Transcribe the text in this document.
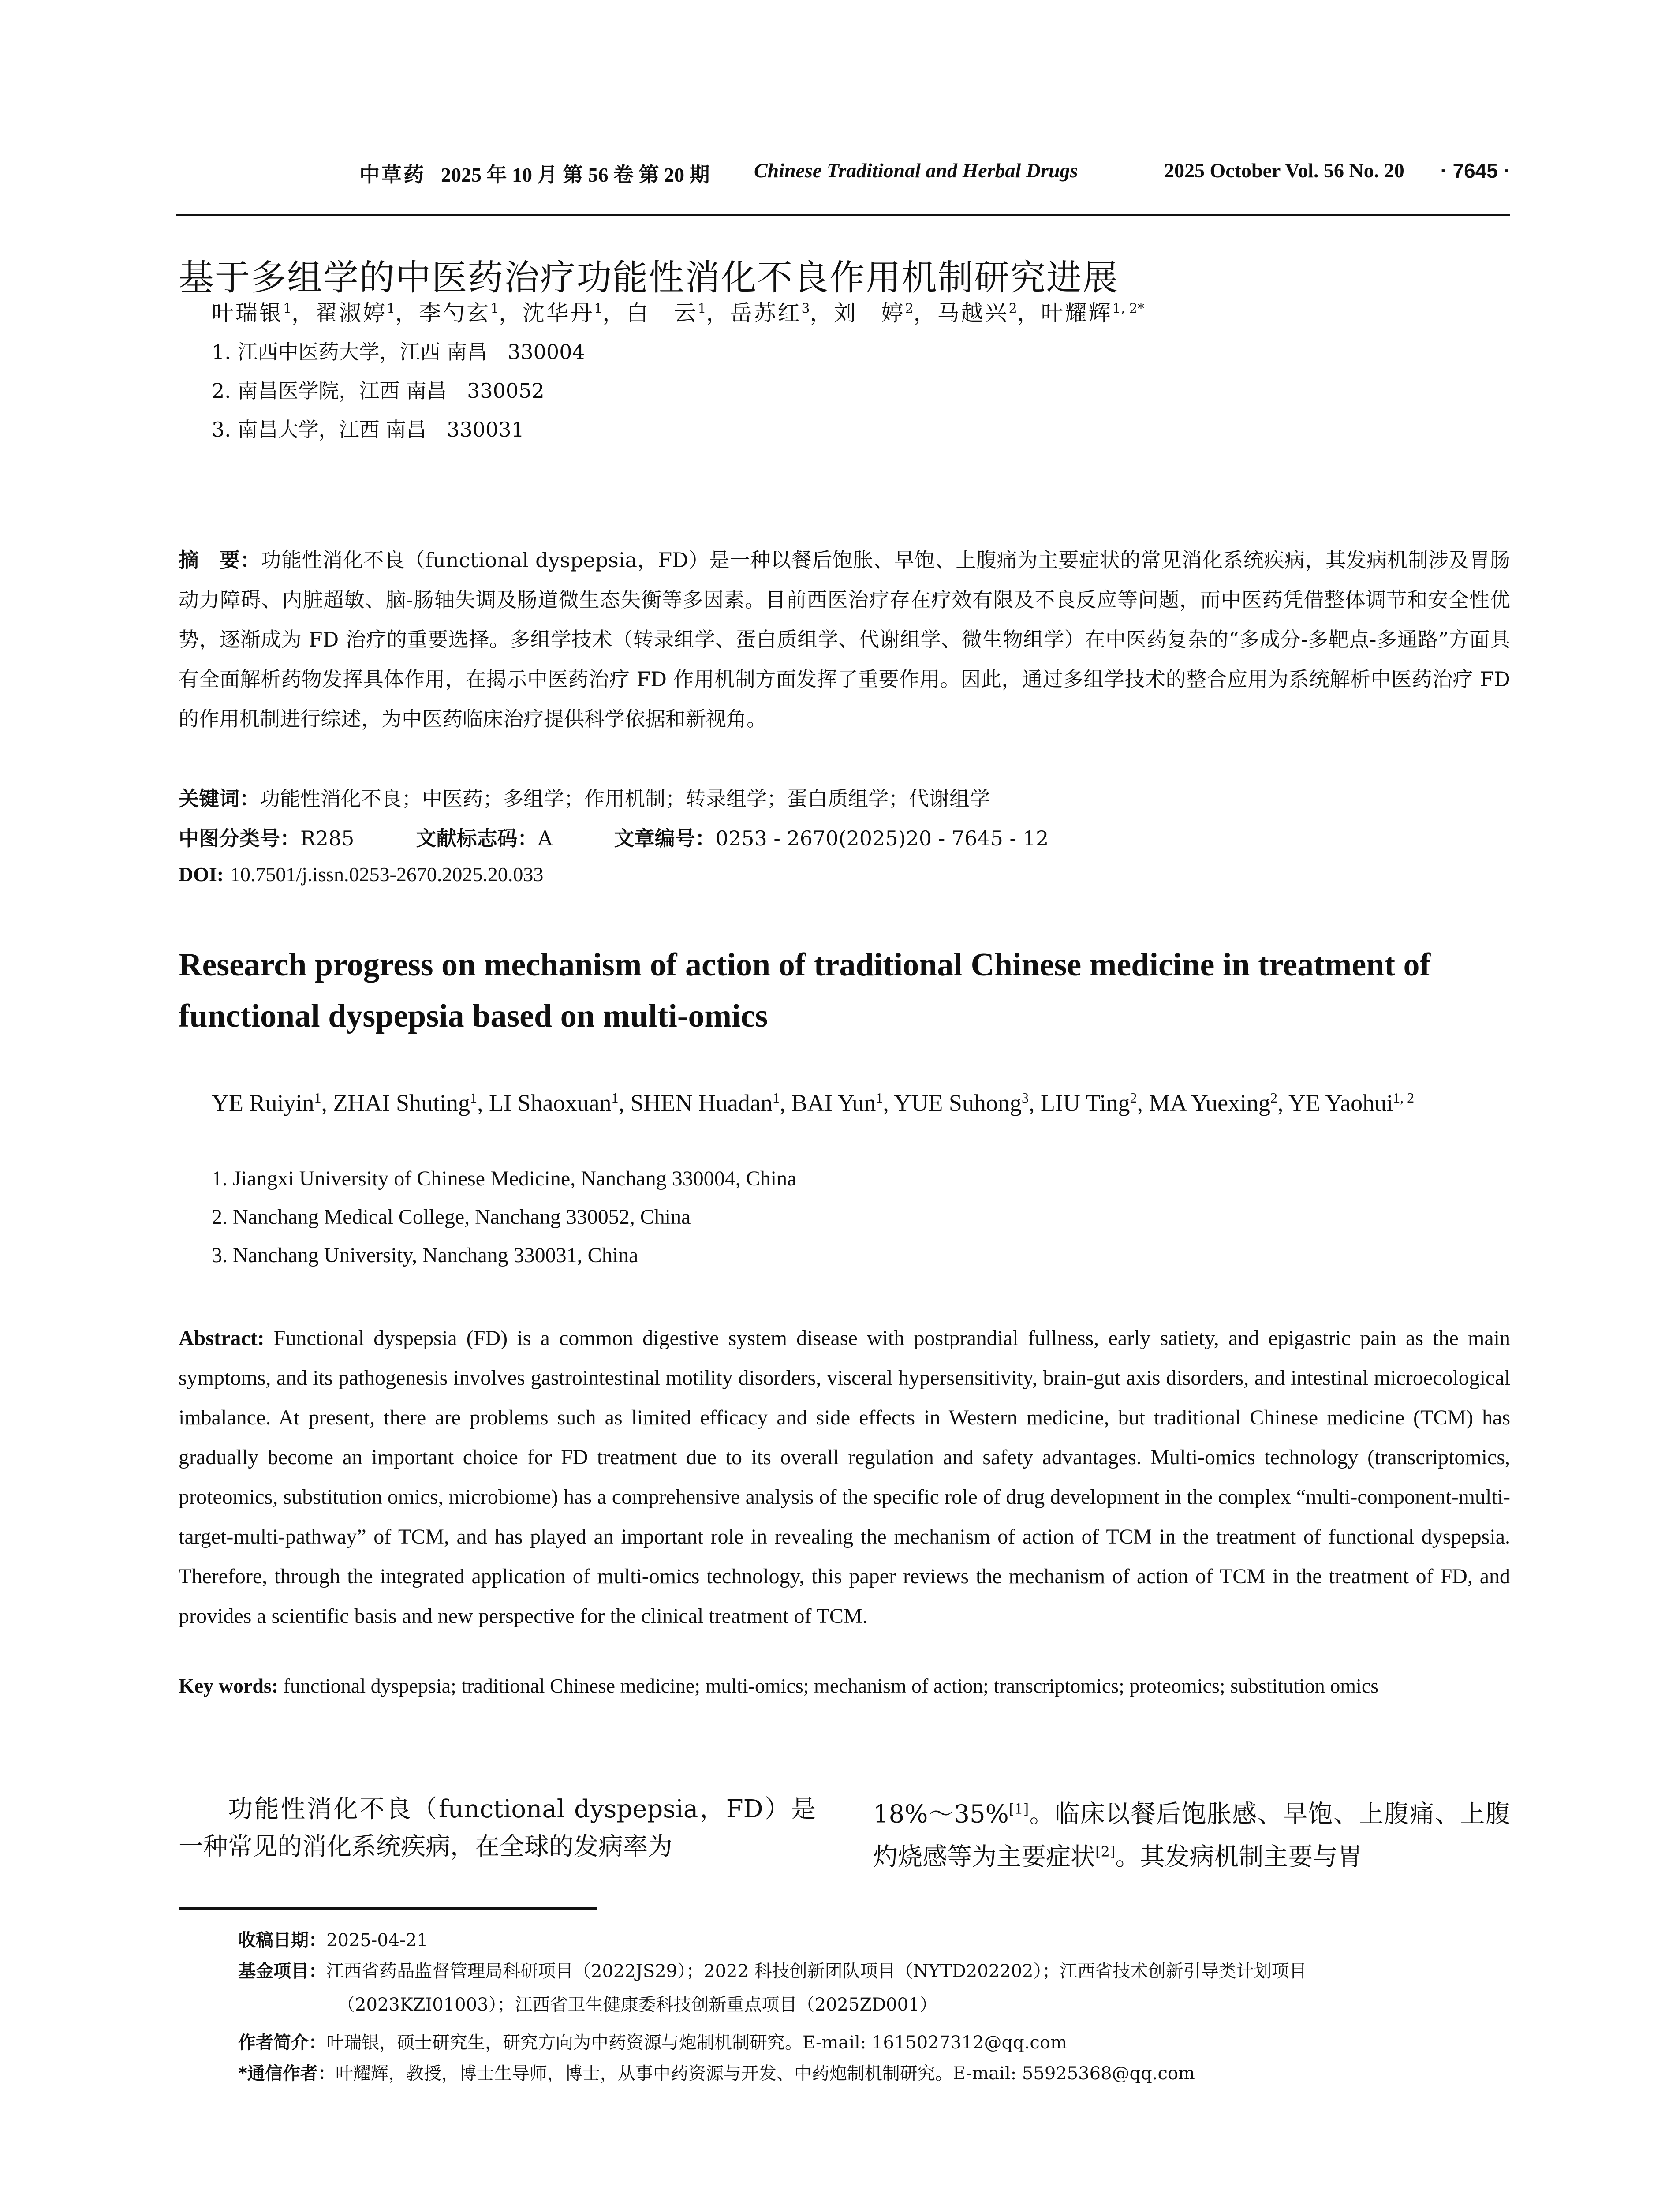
中草药 2025 年 10 月 第 56 卷 第 20 期 Chinese Traditional and Herbal Drugs	2025 October Vol. 56 No. 20 · 7645 ·
基于多组学的中医药治疗功能性消化不良作用机制研究进展
叶瑞银$^1$，翟淑婷$^1$，李勺玄$^1$，沈华丹$^1$，白　云$^1$，岳苏红$^3$，刘　婷$^2$，马越兴$^2$，叶耀辉$^{1, 2*}$
1. 江西中医药大学，江西 南昌　330004
2. 南昌医学院，江西 南昌　330052
3. 南昌大学，江西 南昌　330031
摘　要：功能性消化不良（functional dyspepsia，FD）是一种以餐后饱胀、早饱、上腹痛为主要症状的常见消化系统疾病，其发病机制涉及胃肠动力障碍、内脏超敏、脑-肠轴失调及肠道微生态失衡等多因素。目前西医治疗存在疗效有限及不良反应等问题，而中医药凭借整体调节和安全性优势，逐渐成为 FD 治疗的重要选择。多组学技术（转录组学、蛋白质组学、代谢组学、微生物组学）在中医药复杂的“多成分-多靶点-多通路”方面具有全面解析药物发挥具体作用，在揭示中医药治疗 FD 作用机制方面发挥了重要作用。因此，通过多组学技术的整合应用为系统解析中医药治疗 FD 的作用机制进行综述，为中医药临床治疗提供科学依据和新视角。
关键词：功能性消化不良；中医药；多组学；作用机制；转录组学；蛋白质组学；代谢组学
中图分类号：R285	文献标志码：A	文章编号：0253 - 2670(2025)20 - 7645 - 12
DOI: 10.7501/j.issn.0253-2670.2025.20.033
Research progress on mechanism of action of traditional Chinese medicine in treatment of functional dyspepsia based on multi-omics
YE Ruiyin$^1$, ZHAI Shuting$^1$, LI Shaoxuan$^1$, SHEN Huadan$^1$, BAI Yun$^1$, YUE Suhong$^3$, LIU Ting$^2$, MA Yuexing$^2$, YE Yaohui$^{1, 2}$
1. Jiangxi University of Chinese Medicine, Nanchang 330004, China
2. Nanchang Medical College, Nanchang 330052, China
3. Nanchang University, Nanchang 330031, China
Abstract: Functional dyspepsia (FD) is a common digestive system disease with postprandial fullness, early satiety, and epigastric pain as the main symptoms, and its pathogenesis involves gastrointestinal motility disorders, visceral hypersensitivity, brain-gut axis disorders, and intestinal microecological imbalance. At present, there are problems such as limited efficacy and side effects in Western medicine, but traditional Chinese medicine (TCM) has gradually become an important choice for FD treatment due to its overall regulation and safety advantages. Multi-omics technology (transcriptomics, proteomics, substitution omics, microbiome) has a comprehensive analysis of the specific role of drug development in the complex “multi-component-multi-target-multi-pathway” of TCM, and has played an important role in revealing the mechanism of action of TCM in the treatment of functional dyspepsia. Therefore, through the integrated application of multi-omics technology, this paper reviews the mechanism of action of TCM in the treatment of FD, and provides a scientific basis and new perspective for the clinical treatment of TCM.
Key words: functional dyspepsia; traditional Chinese medicine; multi-omics; mechanism of action; transcriptomics; proteomics; substitution omics
功能性消化不良（functional dyspepsia，FD）是一种常见的消化系统疾病，在全球的发病率为
18%～35%[1]。临床以餐后饱胀感、早饱、上腹痛、上腹灼烧感等为主要症状[2]。其发病机制主要与胃
收稿日期：2025-04-21
基金项目：江西省药品监督管理局科研项目（2022JS29）；2022 科技创新团队项目（NYTD202202）；江西省技术创新引导类计划项目
（2023KZI01003）；江西省卫生健康委科技创新重点项目（2025ZD001）
作者简介：叶瑞银，硕士研究生，研究方向为中药资源与炮制机制研究。E-mail: 1615027312@qq.com
*通信作者：叶耀辉，教授，博士生导师，博士，从事中药资源与开发、中药炮制机制研究。E-mail: 55925368@qq.com
